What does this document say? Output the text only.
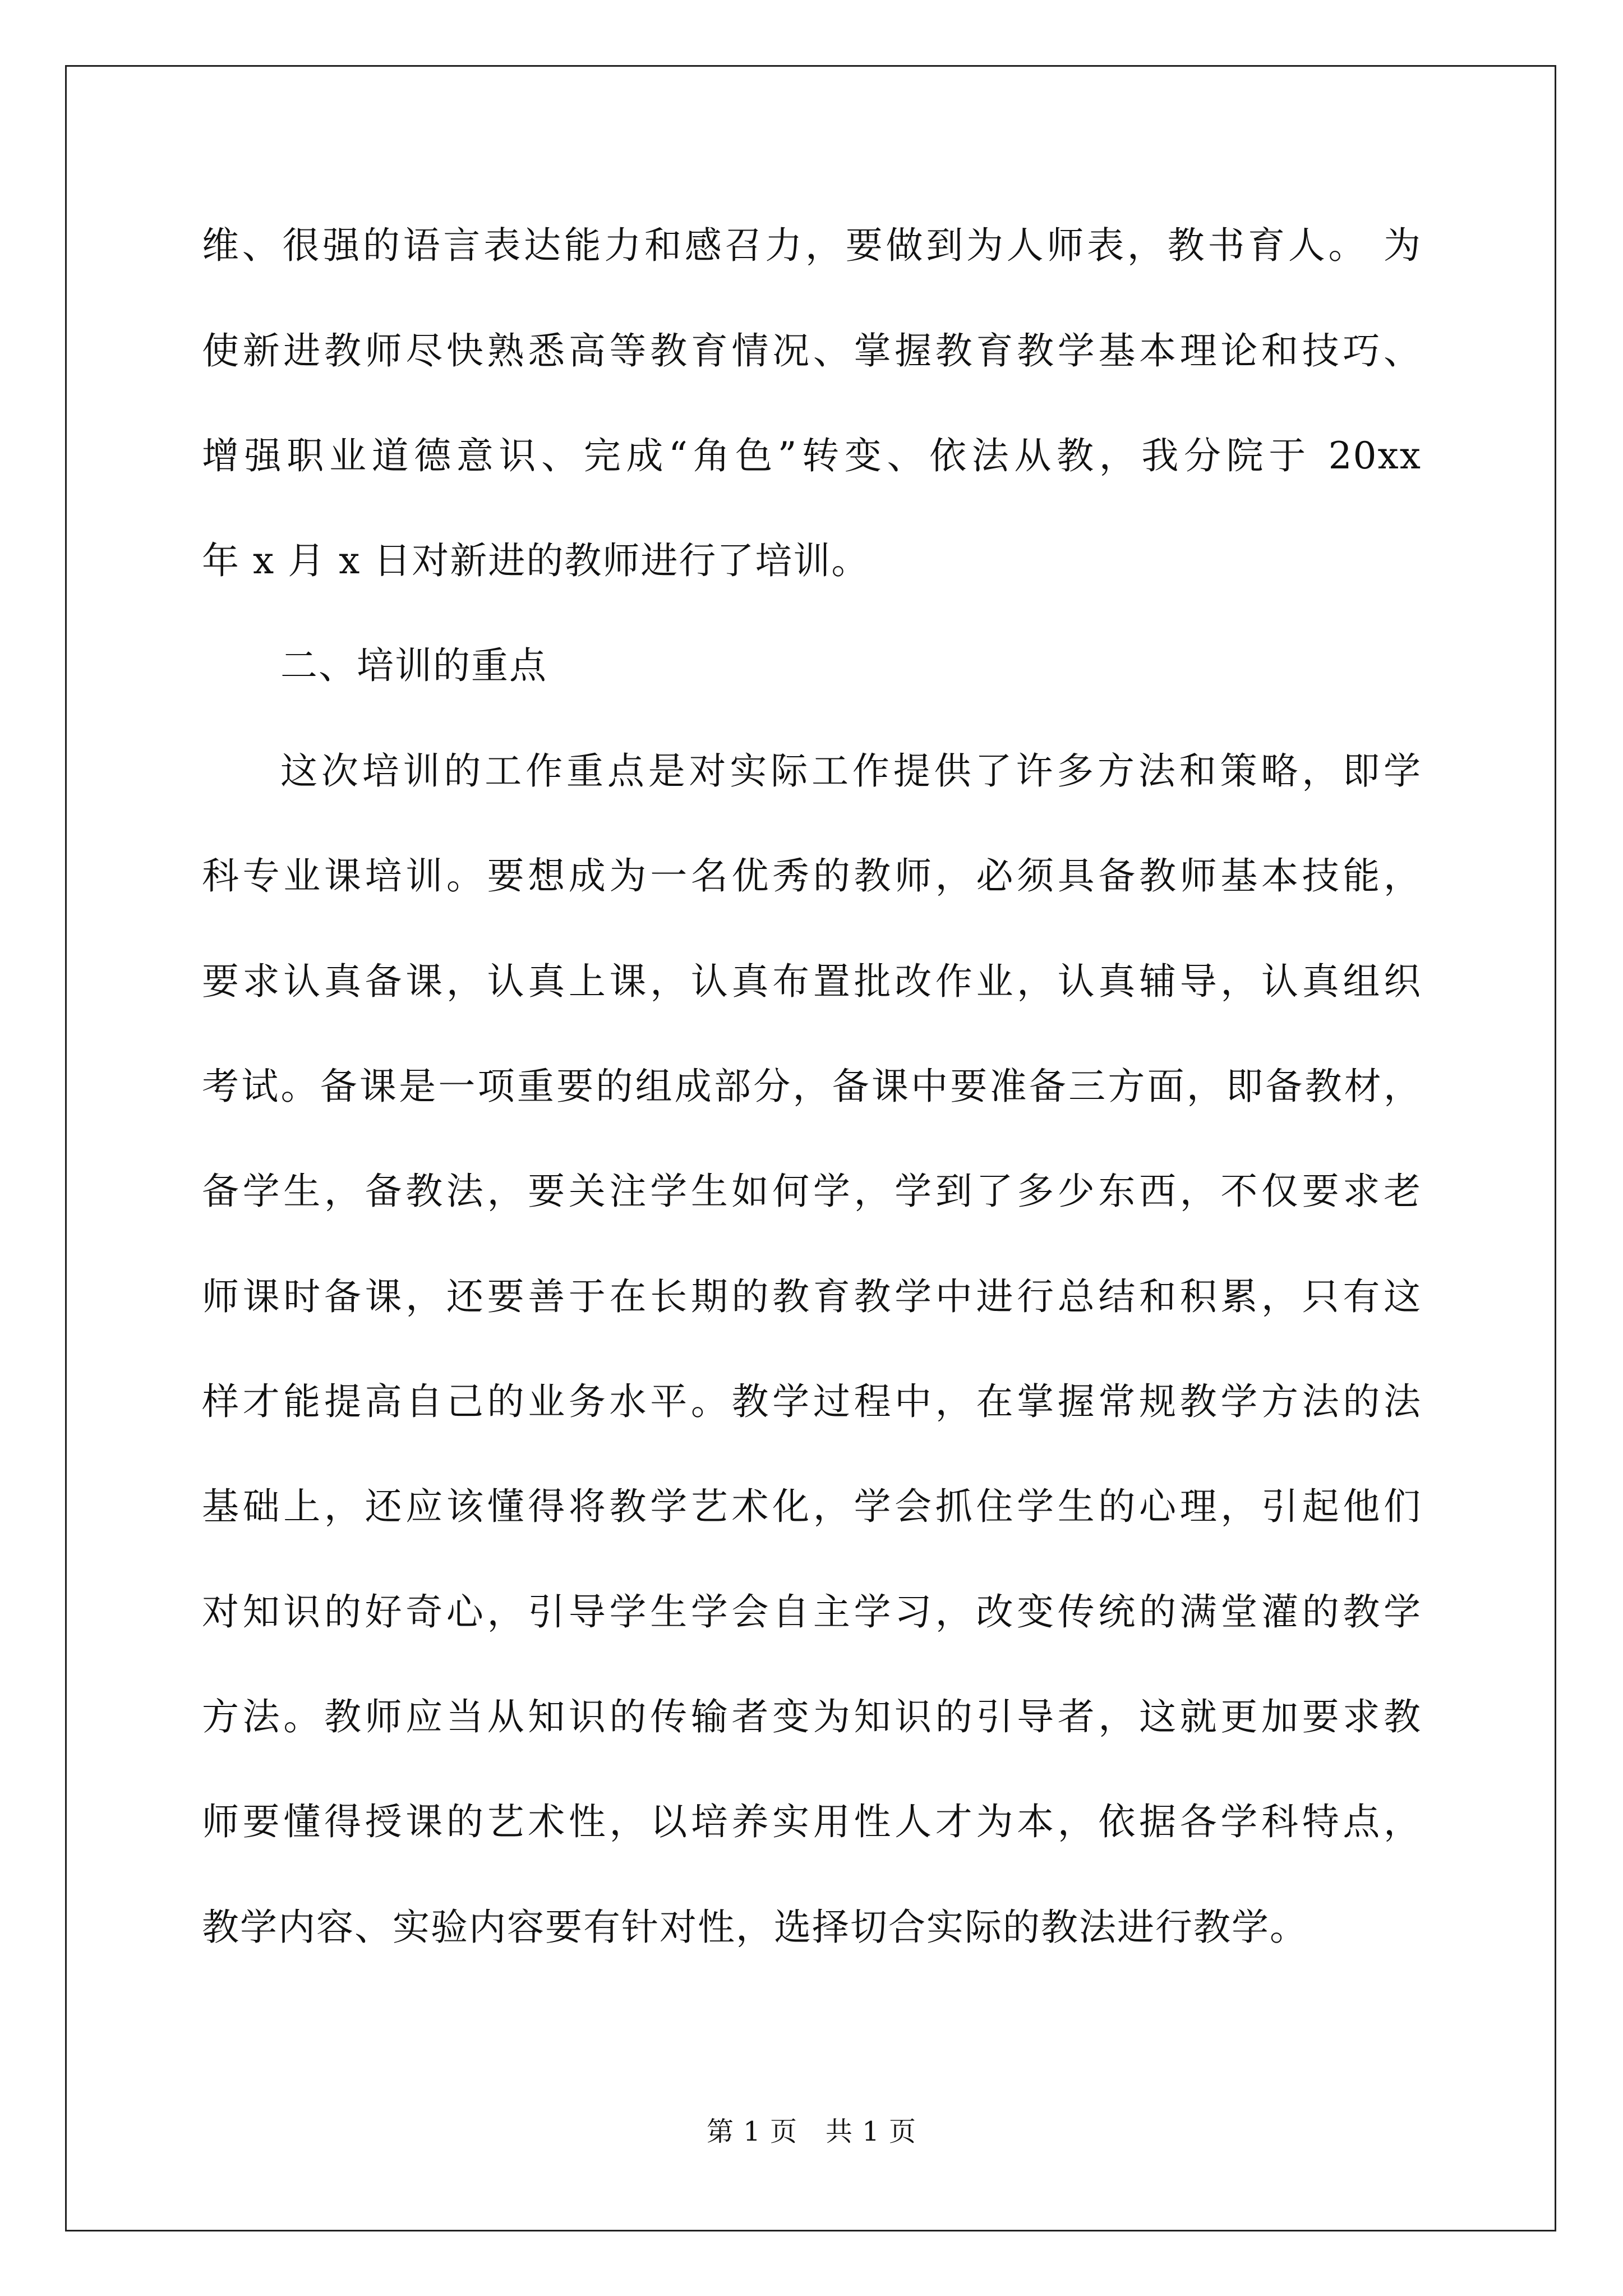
维、很强的语言表达能力和感召力，要做到为人师表，教书育人。 为
使新进教师尽快熟悉高等教育情况、掌握教育教学基本理论和技巧、
增强职业道德意识、完成“角色”转变、依法从教，我分院于 20xx
年 x 月 x 日对新进的教师进行了培训。
二、培训的重点
这次培训的工作重点是对实际工作提供了许多方法和策略，即学
科专业课培训。要想成为一名优秀的教师，必须具备教师基本技能，
要求认真备课，认真上课，认真布置批改作业，认真辅导，认真组织
考试。备课是一项重要的组成部分，备课中要准备三方面，即备教材，
备学生，备教法，要关注学生如何学，学到了多少东西，不仅要求老
师课时备课，还要善于在长期的教育教学中进行总结和积累，只有这
样才能提高自己的业务水平。教学过程中，在掌握常规教学方法的法
基础上，还应该懂得将教学艺术化，学会抓住学生的心理，引起他们
对知识的好奇心，引导学生学会自主学习，改变传统的满堂灌的教学
方法。教师应当从知识的传输者变为知识的引导者，这就更加要求教
师要懂得授课的艺术性，以培养实用性人才为本，依据各学科特点，
教学内容、实验内容要有针对性，选择切合实际的教法进行教学。
第 1 页 共 1 页
